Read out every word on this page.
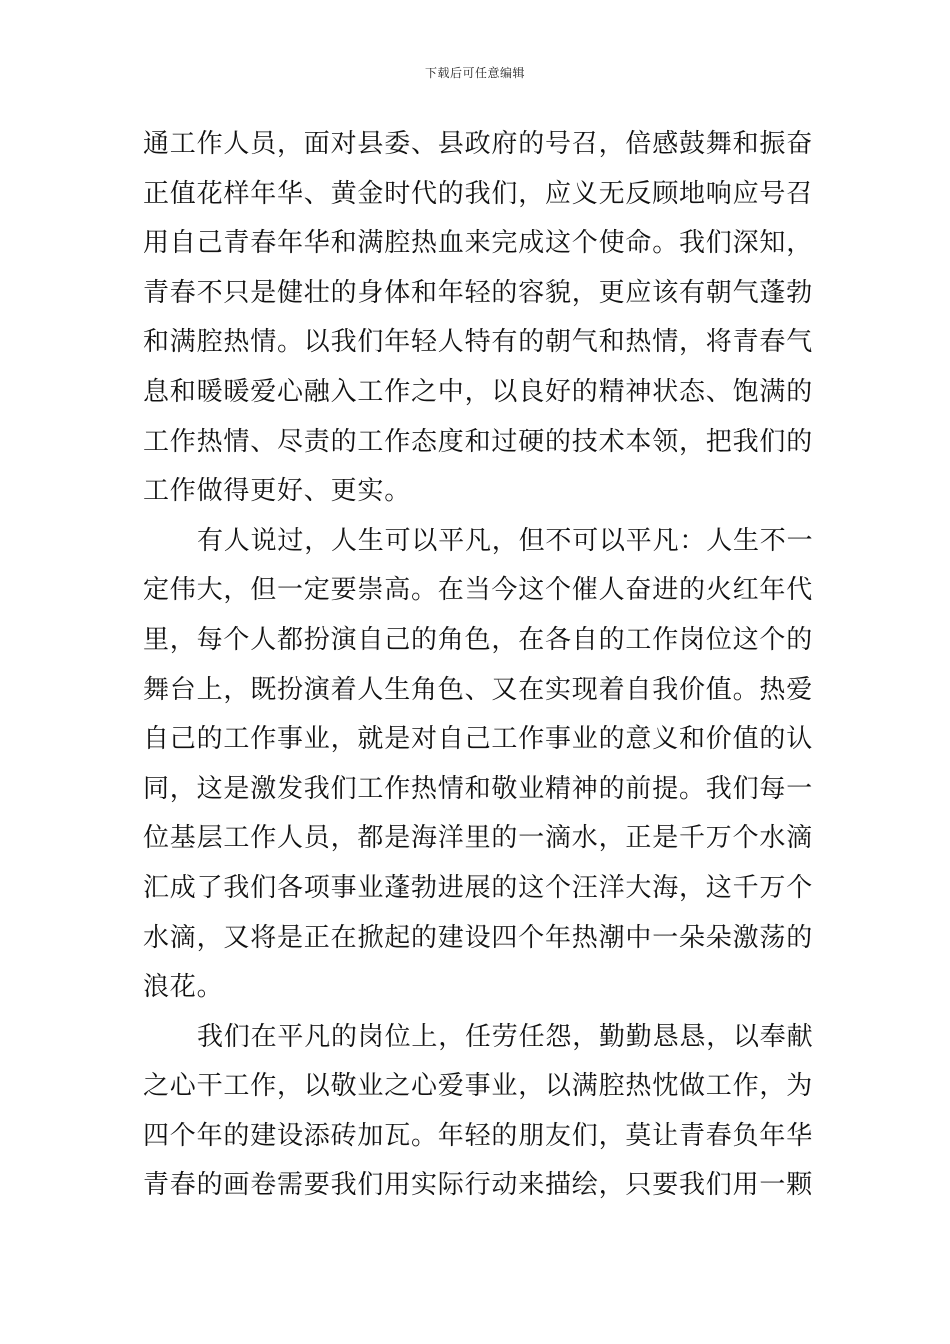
下载后可任意编辑
通工作人员，面对县委、县政府的号召，倍感鼓舞和振奋
正值花样年华、黄金时代的我们，应义无反顾地响应号召
用自己青春年华和满腔热血来完成这个使命。我们深知，
青春不只是健壮的身体和年轻的容貌，更应该有朝气蓬勃
和满腔热情。以我们年轻人特有的朝气和热情，将青春气
息和暖暖爱心融入工作之中，以良好的精神状态、饱满的
工作热情、尽责的工作态度和过硬的技术本领，把我们的
工作做得更好、更实。
有人说过，人生可以平凡，但不可以平凡：人生不一
定伟大，但一定要崇高。在当今这个催人奋进的火红年代
里，每个人都扮演自己的角色，在各自的工作岗位这个的
舞台上，既扮演着人生角色、又在实现着自我价值。热爱
自己的工作事业，就是对自己工作事业的意义和价值的认
同，这是激发我们工作热情和敬业精神的前提。我们每一
位基层工作人员，都是海洋里的一滴水，正是千万个水滴
汇成了我们各项事业蓬勃进展的这个汪洋大海，这千万个
水滴，又将是正在掀起的建设四个年热潮中一朵朵激荡的
浪花。
我们在平凡的岗位上，任劳任怨，勤勤恳恳，以奉献
之心干工作，以敬业之心爱事业，以满腔热忱做工作，为
四个年的建设添砖加瓦。年轻的朋友们，莫让青春负年华
青春的画卷需要我们用实际行动来描绘，只要我们用一颗
